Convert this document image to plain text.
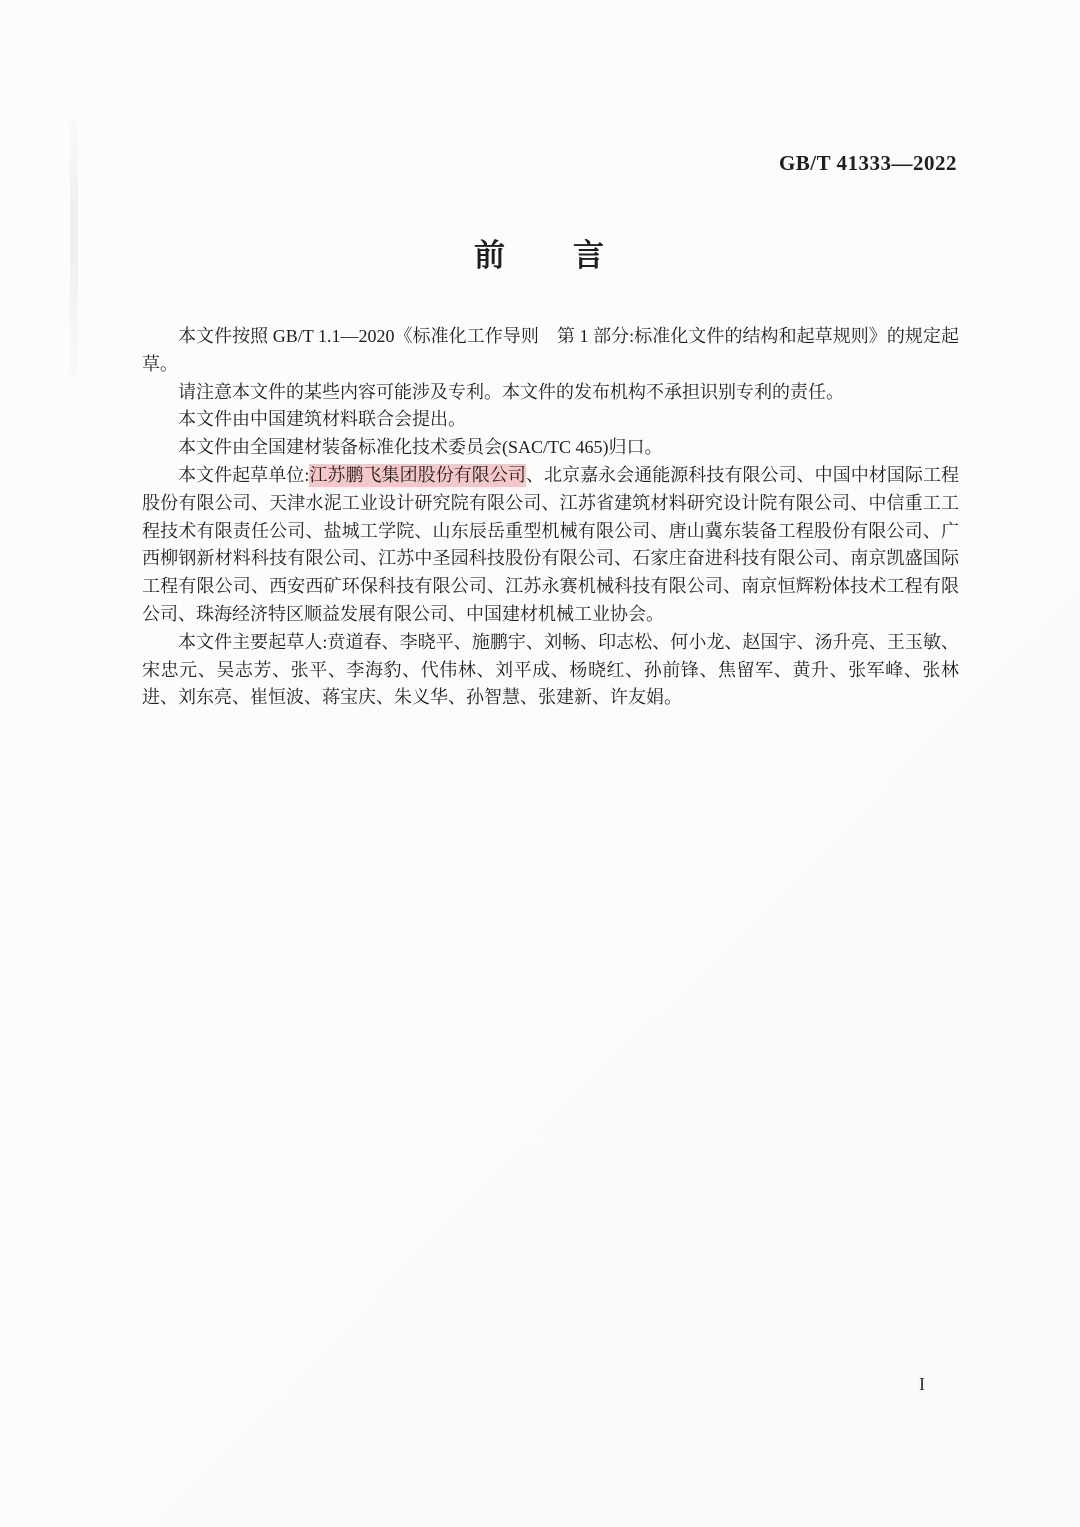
GB/T 41333—2022
前　　言

本文件按照 GB/T 1.1—2020《标准化工作导则　第 1 部分:标准化文件的结构和起草规则》的规定起草。

请注意本文件的某些内容可能涉及专利。本文件的发布机构不承担识别专利的责任。

本文件由中国建筑材料联合会提出。

本文件由全国建材装备标准化技术委员会(SAC/TC 465)归口。

本文件起草单位:江苏鹏飞集团股份有限公司、北京嘉永会通能源科技有限公司、中国中材国际工程股份有限公司、天津水泥工业设计研究院有限公司、江苏省建筑材料研究设计院有限公司、中信重工工程技术有限责任公司、盐城工学院、山东辰岳重型机械有限公司、唐山冀东装备工程股份有限公司、广西柳钢新材料科技有限公司、江苏中圣园科技股份有限公司、石家庄奋进科技有限公司、南京凯盛国际工程有限公司、西安西矿环保科技有限公司、江苏永赛机械科技有限公司、南京恒辉粉体技术工程有限公司、珠海经济特区顺益发展有限公司、中国建材机械工业协会。

本文件主要起草人:贲道春、李晓平、施鹏宇、刘畅、印志松、何小龙、赵国宇、汤升亮、王玉敏、宋忠元、吴志芳、张平、李海豹、代伟林、刘平成、杨晓红、孙前锋、焦留军、黄升、张军峰、张林进、刘东亮、崔恒波、蒋宝庆、朱义华、孙智慧、张建新、许友娟。

I
